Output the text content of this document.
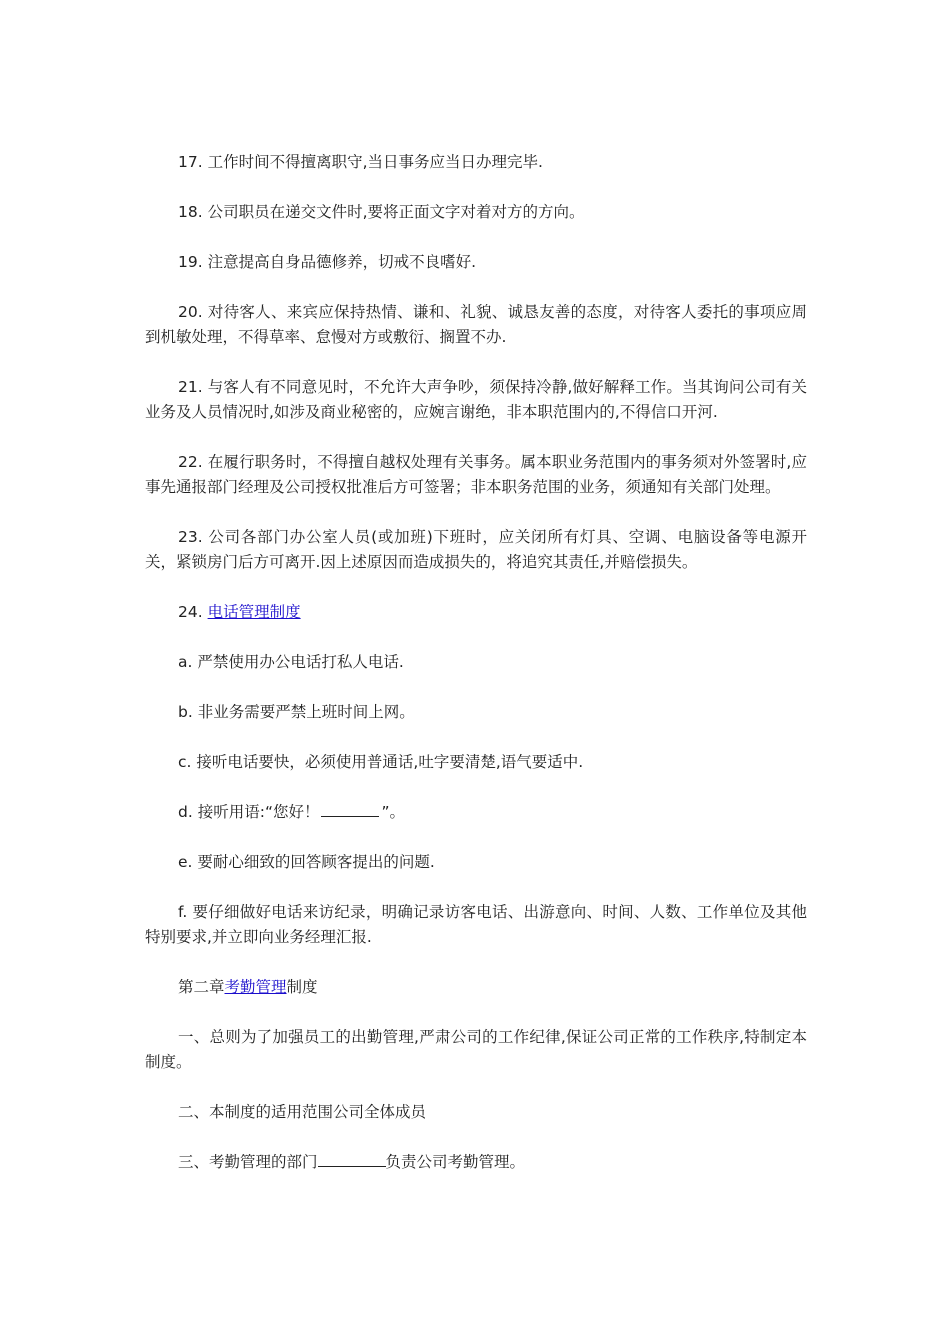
17. 工作时间不得擅离职守,当日事务应当日办理完毕.

18. 公司职员在递交文件时,要将正面文字对着对方的方向。

19. 注意提高自身品德修养，切戒不良嗜好.

20. 对待客人、来宾应保持热情、谦和、礼貌、诚恳友善的态度，对待客人委托的事项应周到机敏处理，不得草率、怠慢对方或敷衍、搁置不办.

21. 与客人有不同意见时，不允许大声争吵，须保持冷静,做好解释工作。当其询问公司有关业务及人员情况时,如涉及商业秘密的，应婉言谢绝，非本职范围内的,不得信口开河.

22. 在履行职务时，不得擅自越权处理有关事务。属本职业务范围内的事务须对外签署时,应事先通报部门经理及公司授权批准后方可签署；非本职务范围的业务，须通知有关部门处理。

23. 公司各部门办公室人员(或加班)下班时，应关闭所有灯具、空调、电脑设备等电源开关，紧锁房门后方可离开.因上述原因而造成损失的，将追究其责任,并赔偿损失。

24. 电话管理制度

a. 严禁使用办公电话打私人电话.

b. 非业务需要严禁上班时间上网。

c. 接听电话要快，必须使用普通话,吐字要清楚,语气要适中.

d. 接听用语:“您好！	”。

e. 要耐心细致的回答顾客提出的问题.

f. 要仔细做好电话来访纪录，明确记录访客电话、出游意向、时间、人数、工作单位及其他特别要求,并立即向业务经理汇报.

第二章考勤管理制度

一、总则为了加强员工的出勤管理,严肃公司的工作纪律,保证公司正常的工作秩序,特制定本制度。

二、本制度的适用范围公司全体成员

三、考勤管理的部门	负责公司考勤管理。
